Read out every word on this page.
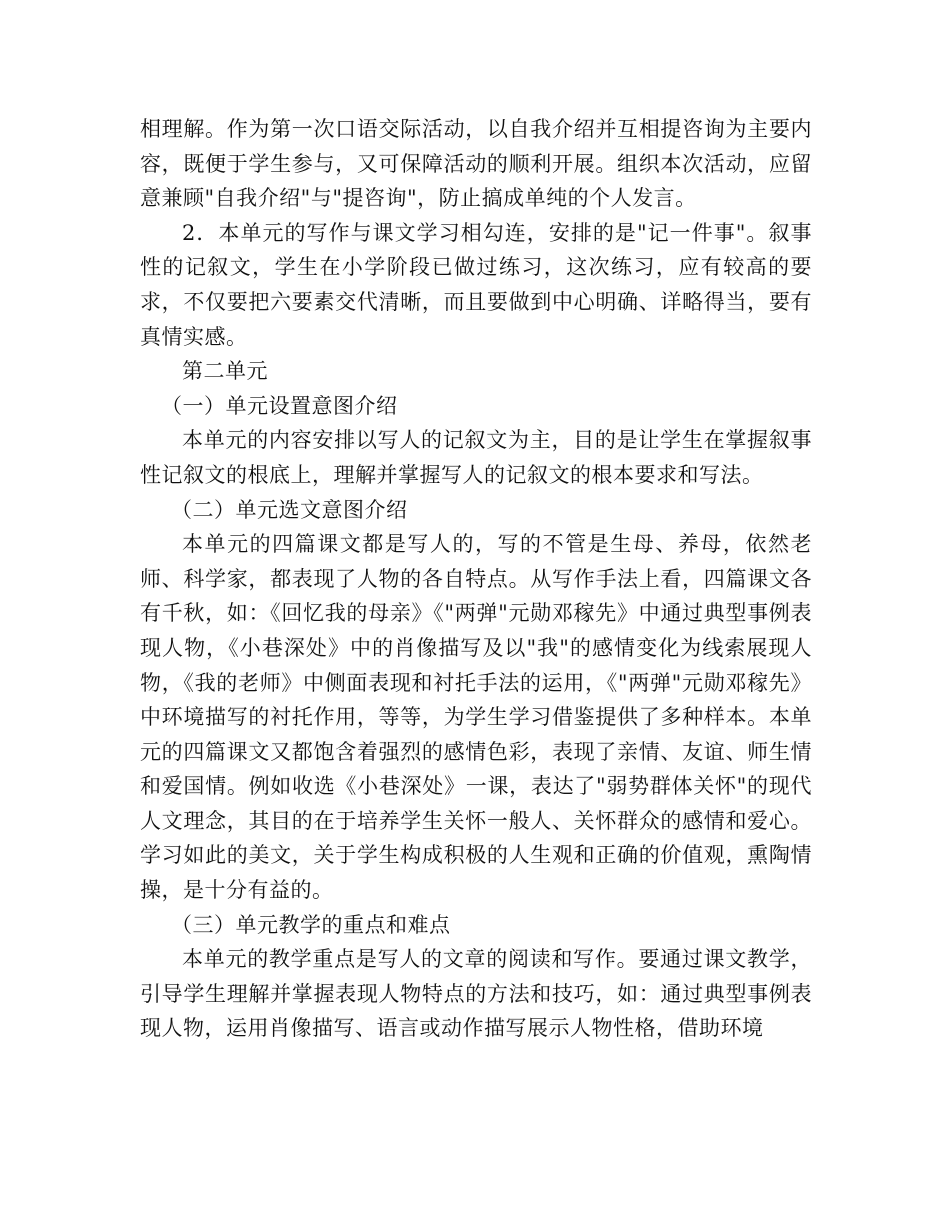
相理解。作为第一次口语交际活动，以自我介绍并互相提咨询为主要内容，既便于学生参与，又可保障活动的顺利开展。组织本次活动，应留意兼顾"自我介绍"与"提咨询"，防止搞成单纯的个人发言。

2．本单元的写作与课文学习相勾连，安排的是"记一件事"。叙事性的记叙文，学生在小学阶段已做过练习，这次练习，应有较高的要求，不仅要把六要素交代清晰，而且要做到中心明确、详略得当，要有真情实感。

第二单元

（一）单元设置意图介绍

本单元的内容安排以写人的记叙文为主，目的是让学生在掌握叙事性记叙文的根底上，理解并掌握写人的记叙文的根本要求和写法。

（二）单元选文意图介绍

本单元的四篇课文都是写人的，写的不管是生母、养母，依然老师、科学家，都表现了人物的各自特点。从写作手法上看，四篇课文各有千秋，如：《回忆我的母亲》《"两弹"元勋邓稼先》中通过典型事例表现人物，《小巷深处》中的肖像描写及以"我"的感情变化为线索展现人物，《我的老师》中侧面表现和衬托手法的运用，《"两弹"元勋邓稼先》中环境描写的衬托作用，等等，为学生学习借鉴提供了多种样本。本单元的四篇课文又都饱含着强烈的感情色彩，表现了亲情、友谊、师生情和爱国情。例如收选《小巷深处》一课，表达了"弱势群体关怀"的现代人文理念，其目的在于培养学生关怀一般人、关怀群众的感情和爱心。学习如此的美文，关于学生构成积极的人生观和正确的价值观，熏陶情操，是十分有益的。

（三）单元教学的重点和难点

本单元的教学重点是写人的文章的阅读和写作。要通过课文教学，引导学生理解并掌握表现人物特点的方法和技巧，如：通过典型事例表现人物，运用肖像描写、语言或动作描写展示人物性格，借助环境
